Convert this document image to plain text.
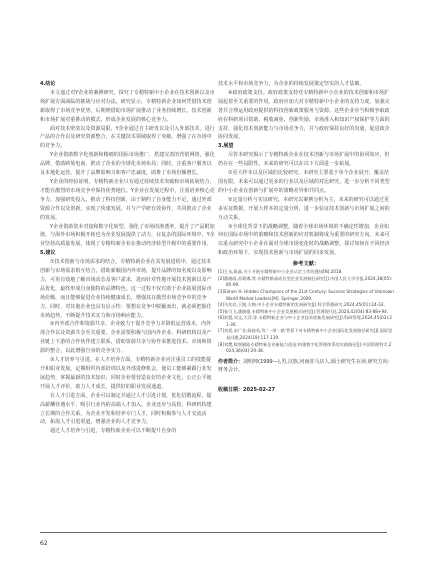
4.结论

本文通过对Y企业的案例研究，探究了专精特新中小企业在技术创新以及市场扩展方面面临的挑战与应对办法。研究显示，专精特新企业如何凭借技术创新取得了市场竞争优势，后期则借助市场扩展推动了业务持续增长。技术创新和市场扩展对重推动的模式，形成企业发展的核心竞争力。

面对技术壁垒以及资源局限，Y企业通过自主研发以及引入外部技术，进行产品的合作以及研究资源整合，在关键技术领域取得了突破，增强了在市场中的竞争力。

Y企业借助数字化创新和精细的国际市场推广，搭建完善的营销网络，强化品牌，借助跨境电商，推动了企业的全球化市场布局；同时，注重客户服务以及本地化运营，提升了品牌影响力和客户忠诚度，助推了市场份额增长。

Y企业的经验证明，专精特新企业只有通过持续技术突破和市场拓展结合，才能在激烈的市场竞争中保持优势地位。Y企业在发展过程中，注重培养核心竞争力，加强研发投入，推动了科技创新，由于制约了自身能力不足，通过外部资源合作以及创新，实现了快速发展，并与产学研有效协作，共同推动了企业的发展。

Y企业借助资本对接和数字化转型，强化了市场的渗透率，提升了产品附加值，与海外市场积极开拓也为企业发展提供了动力，在复杂的国际环境中，Y企业坚持高质量发展，体现了专精特新企业在推动经济转型升级中的重要作用。

5.建议

①技术创新与市场需求的结合。专精特新企业在其发展进程中，通过技术创新与市场需求相互结合，借助新颖国内外市场，提升品牌的知名度以及影响力，可更有效地了解市场动态及客户需求，进而针对性地开展技术创新以及产品优化，最终形成自身独特的品牌特色。这一过程不仅有助于企业拓展国际市场份额，而且能够促进企业持续健康成长，增强其在激烈市场竞争中的竞争力。同时，对其他企业也具有启示性：要想在竞争中脱颖而出，就必须把握住市场趋势，不断提升技术实力和市场响应能力。

②内外部合作和资源共享。企业致力于提升竞争力并降低运营成本，内外部合作以及资源共享至关重要。企业需要积极与国内外企业、科研机构以及产业链上下游的合作伙伴建立联系，借助资源共享与协作来推进技术、市场和资源的整合，以此增强自身的竞争实力。

③人才培养与引进。在人才培养方面，专精特新企业应注重员工的技能提升和职业发展，定期组织内部培训以及外部进修机会，使员工能够紧跟行业发展趋势，掌握最新的技术知识；同时企业要营造良好的企业文化，公正公平地开展人才评价，助力人才成长，提供好的职业发展通道。

在人才引进方面，企业可以制定并通过人才引进计划，优化招聘流程，提高薪酬待遇水平，吸引行业内的高端人才加入。企业还应与高校、科研机构建立长期的合作关系，为企业开发和培养专门人才，同时积极参与人才交流活动，拓展人才引进渠道，增强企业的人才竞争力。

通过人才培养与引进，专精特新企业可以不断提升自身的

技术水平和市场竞争力，为企业的持续发展奠定坚实的人才基础。

④政府政策支持。政府政策支持对专精特新中小企业的技术创新和市场扩展起着至关重要的作用。政府应加大对专精特新中小企业的支持力度，加强完善并合理运用政府提供的科技创新政策服务与资源。这些企业应当积极争取政府在科研项目资助、税收减免、创新奖励、市场准入和知识产权保护等方面的支持，强化技术创新能力与市场竞争力，并与政府保持良好的沟通，促进政企协同发展。

3.展望

尽管本研究揭示了专精特新企业在技术创新与市场扩展中的协同效应，但仍存在一些局限性，未来的研究可以在以下方面进一步拓展。

①更大样本以及区域的比较研究。本研究主要基于单个企业展开，覆盖范围有限。未来可以通过更多的行业以及区域的对比研究，进一步分析不同类型的中小企业在创新与扩展中的策略差异和共同点。

②定量分析与实证研究。本研究以案例分析为主，未来的研究可以通过更多实证数据，开展大样本的定量分析，进一步验证技术创新与市场扩展之间的互动关系。

③全球化背景下的战略调整。随着全球市场环境的不确定性增加，企业如何在国际市场中的策略和技术创新的应对机制将成为重要的研究方向。未来可以重点研究中小企业在面对全球市场变化时的战略调整，探讨如何在不同经济和政治环境下，实现技术创新与市场扩展的同步发展。

参考文献：

[1]王永,陈晶.关于开展专精特新中小企业认定工作的通知[N].2018.

[2]董晓雨,苏莉娜,等.专精特新高成长型企业发展路径研究[J].中国人民大学学报,2024,38(05):85-99.

[3]Simon H. Hidden Champions of the 21st Century: Success Strategies of Unknown World Market Leaders[M]. Springer,2009.

[4]马兆岩,王媛,方梅.中小企业专精特新的发展研究[J].科学管理研究,2024,45(01):24-33.

[5]张可飞,潘晓俊.专精特新中小企业发展模式研究[J].管理现代化,2024,42(04):83-88+94.

[6]余慧,刘文,大萍,等.专精特新企业与中小企业技术创新发展研究[J].科研管理,2024,45(03):21-36.

[7]刘爱,宋广业,陈桂英,等.'一带一路'背景下对专精特新中小企业国际化发展路径研究[J].国际贸易问题,2024(19):117-119.

[8]刘樊,数智赋能专精特新企业新能力创造:构建数字化管理体系的实践路径[J].中国管理科学,2024,36(04):29-38.

作者简介：刘明帅(1999—),男,汉族,河南驻马店人,硕士研究生在读,研究方向:财务会计。

收稿日期：2025-02-27

62
